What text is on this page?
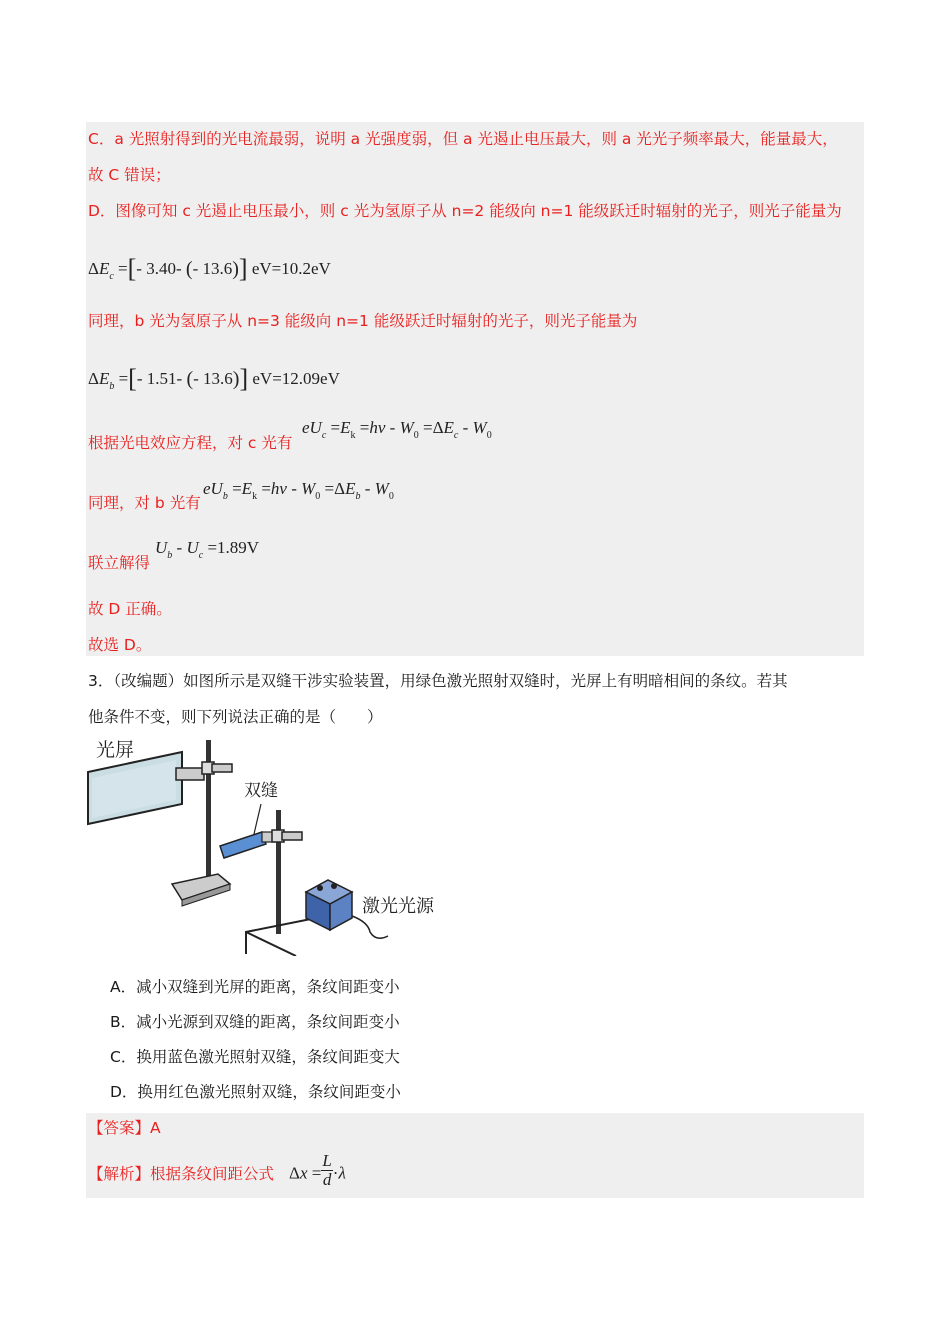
C．a 光照射得到的光电流最弱，说明 a 光强度弱，但 a 光遏止电压最大，则 a 光光子频率最大，能量最大，
故 C 错误；
D．图像可知 c 光遏止电压最小，则 c 光为氢原子从 n=2 能级向 n=1 能级跃迁时辐射的光子，则光子能量为
$\Delta E_c$ =[- 3.40- (- 13.6)] eV=10.2eV
同理，b 光为氢原子从 n=3 能级向 n=1 能级跃迁时辐射的光子，则光子能量为
$\Delta E_b$ =[- 1.51- (- 13.6)] eV=12.09eV
$eU_c =E_k =h\nu - W_0 =\Delta E_c - W_0$
根据光电效应方程，对 c 光有
$eU_b =E_k =h\nu - W_0 =\Delta E_b - W_0$
同理，对 b 光有
$U_b - U_c =1.89V$
联立解得
故 D 正确。
故选 D。
3．（改编题）如图所示是双缝干涉实验装置，用绿色激光照射双缝时，光屏上有明暗相间的条纹。若其
他条件不变，则下列说法正确的是（　　）
光屏
双缝
激光光源
A．减小双缝到光屏的距离，条纹间距变小
B．减小光源到双缝的距离，条纹间距变小
C．换用蓝色激光照射双缝，条纹间距变大
D．换用红色激光照射双缝，条纹间距变小
【答案】A
【解析】根据条纹间距公式 $\Delta x = \frac{L}{d} \cdot\lambda$
